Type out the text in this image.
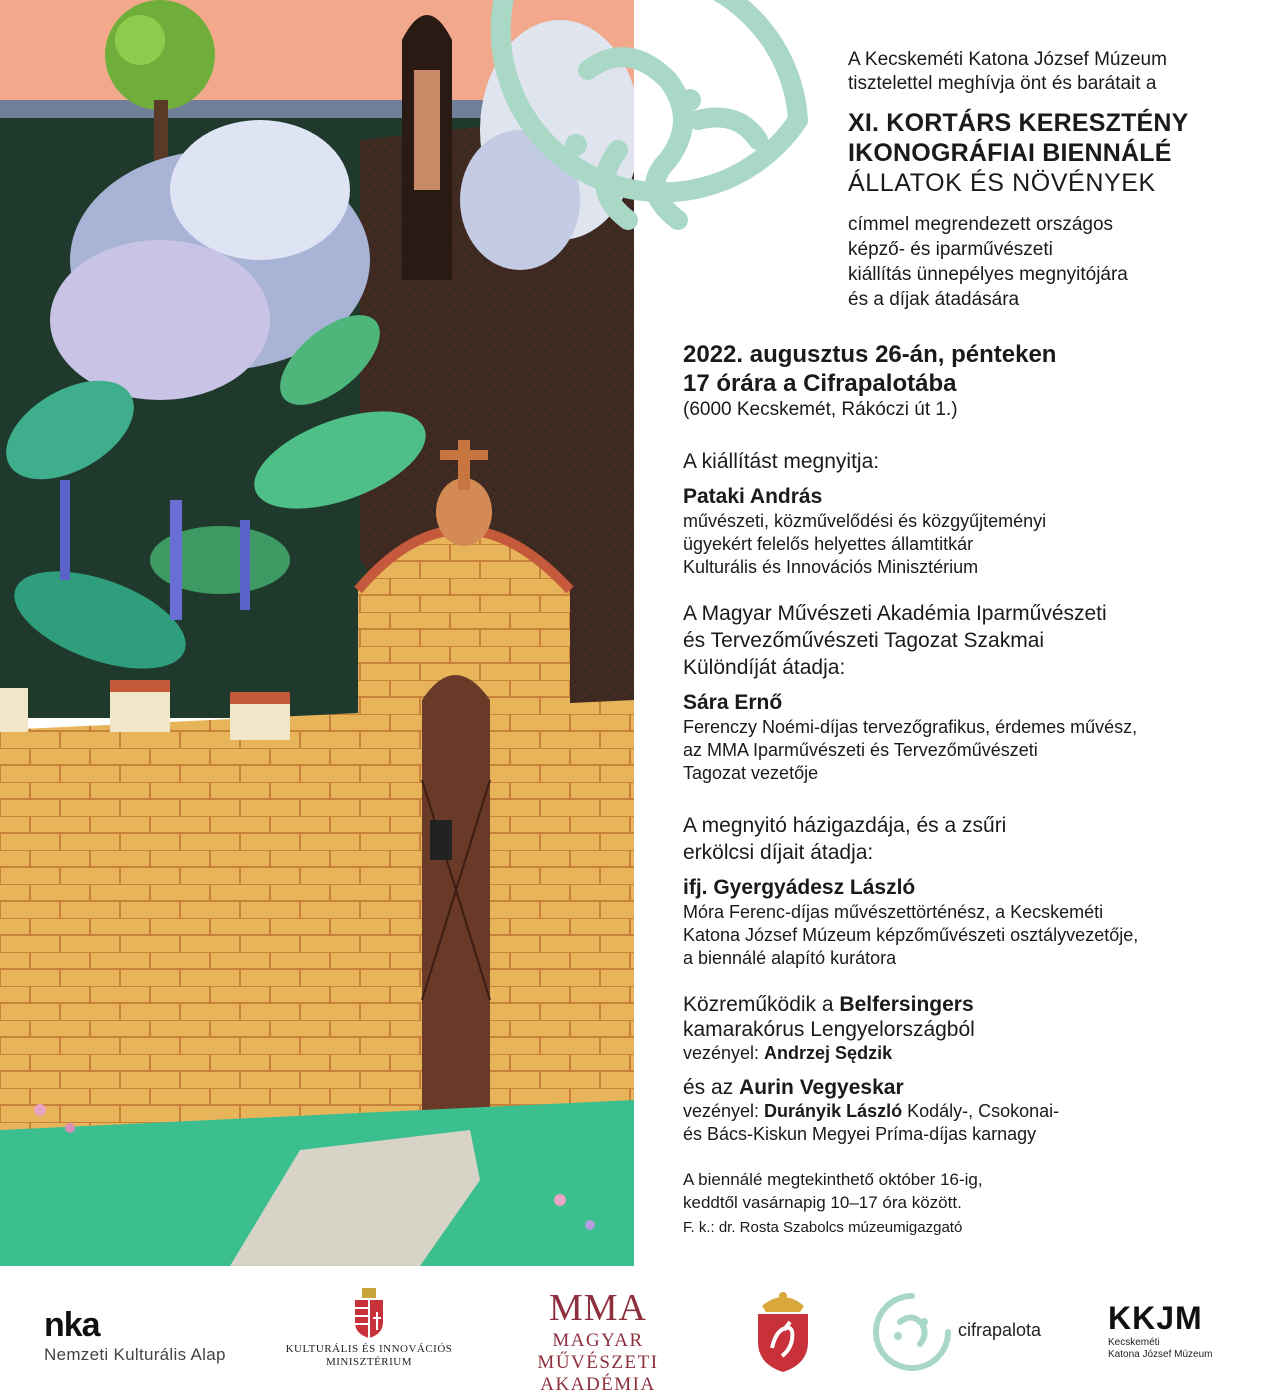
A Kecskeméti Katona József Múzeum
tisztelettel meghívja önt és barátait a
XI. KORTÁRS KERESZTÉNY
IKONOGRÁFIAI BIENNÁLÉ
ÁLLATOK ÉS NÖVÉNYEK
címmel megrendezett országos
képző- és iparművészeti
kiállítás ünnepélyes megnyitójára
és a díjak átadására
2022. augusztus 26-án, pénteken
17 órára a Cifrapalotába
(6000 Kecskemét, Rákóczi út 1.)
A kiállítást megnyitja:
Pataki András
művészeti, közművelődési és közgyűjteményi
ügyekért felelős helyettes államtitkár
Kulturális és Innovációs Minisztérium
A Magyar Művészeti Akadémia Iparművészeti
és Tervezőművészeti Tagozat Szakmai
Különdíját átadja:
Sára Ernő
Ferenczy Noémi-díjas tervezőgrafikus, érdemes művész,
az MMA Iparművészeti és Tervezőművészeti
Tagozat vezetője
A megnyitó házigazdája, és a zsűri
erkölcsi díjait átadja:
ifj. Gyergyádesz László
Móra Ferenc-díjas művészettörténész, a Kecskeméti
Katona József Múzeum képzőművészeti osztályvezetője,
a biennálé alapító kurátora
Közreműködik a Belfersingers
kamarakórus Lengyelországból
vezényel: Andrzej Sędzik
és az Aurin Vegyeskar
vezényel: Durányik László Kodály-, Csokonai-
és Bács-Kiskun Megyei Príma-díjas karnagy
A biennálé megtekinthető október 16-ig,
keddtől vasárnapig 10–17 óra között.
F. k.: dr. Rosta Szabolcs múzeumigazgató
nka
Nemzeti Kulturális Alap	KULTURÁLIS ÉS INNOVÁCIÓS
MINISZTÉRIUM
MMA
MAGYAR MŰVÉSZETI
AKADÉMIA
cifrapalota KKJM
Kecskeméti
Katona József Múzeum
